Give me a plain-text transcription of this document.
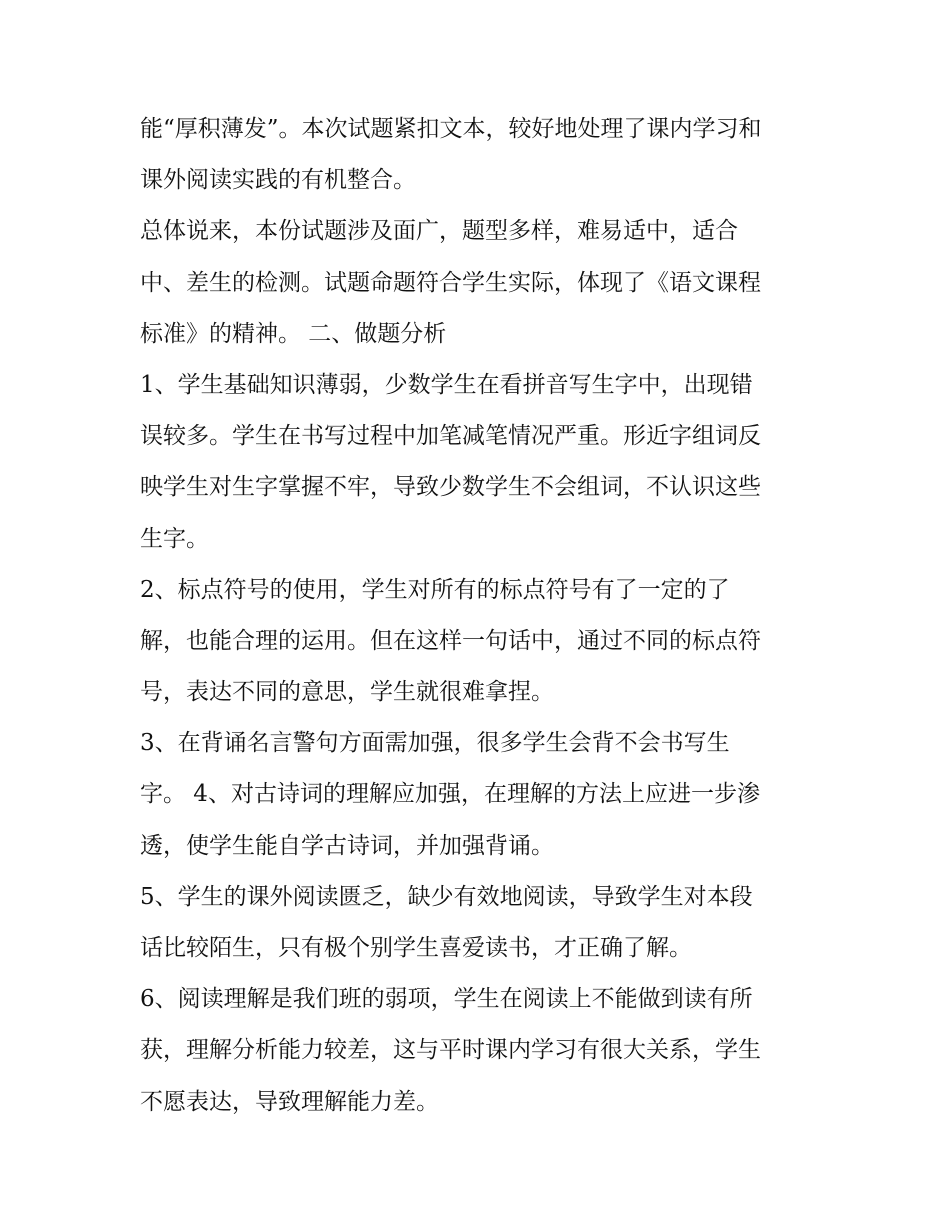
能“厚积薄发”。本次试题紧扣文本，较好地处理了课内学习和
课外阅读实践的有机整合。

总体说来，本份试题涉及面广，题型多样，难易适中，适合
中、差生的检测。试题命题符合学生实际，体现了《语文课程
标准》的精神。 二、做题分析

1、学生基础知识薄弱，少数学生在看拼音写生字中，出现错
误较多。学生在书写过程中加笔减笔情况严重。形近字组词反
映学生对生字掌握不牢，导致少数学生不会组词，不认识这些
生字。

2、标点符号的使用，学生对所有的标点符号有了一定的了
解，也能合理的运用。但在这样一句话中，通过不同的标点符
号，表达不同的意思，学生就很难拿捏。

3、在背诵名言警句方面需加强，很多学生会背不会书写生
字。 4、对古诗词的理解应加强，在理解的方法上应进一步渗
透，使学生能自学古诗词，并加强背诵。

5、学生的课外阅读匮乏，缺少有效地阅读，导致学生对本段
话比较陌生，只有极个别学生喜爱读书，才正确了解。

6、阅读理解是我们班的弱项，学生在阅读上不能做到读有所
获，理解分析能力较差，这与平时课内学习有很大关系，学生
不愿表达，导致理解能力差。
